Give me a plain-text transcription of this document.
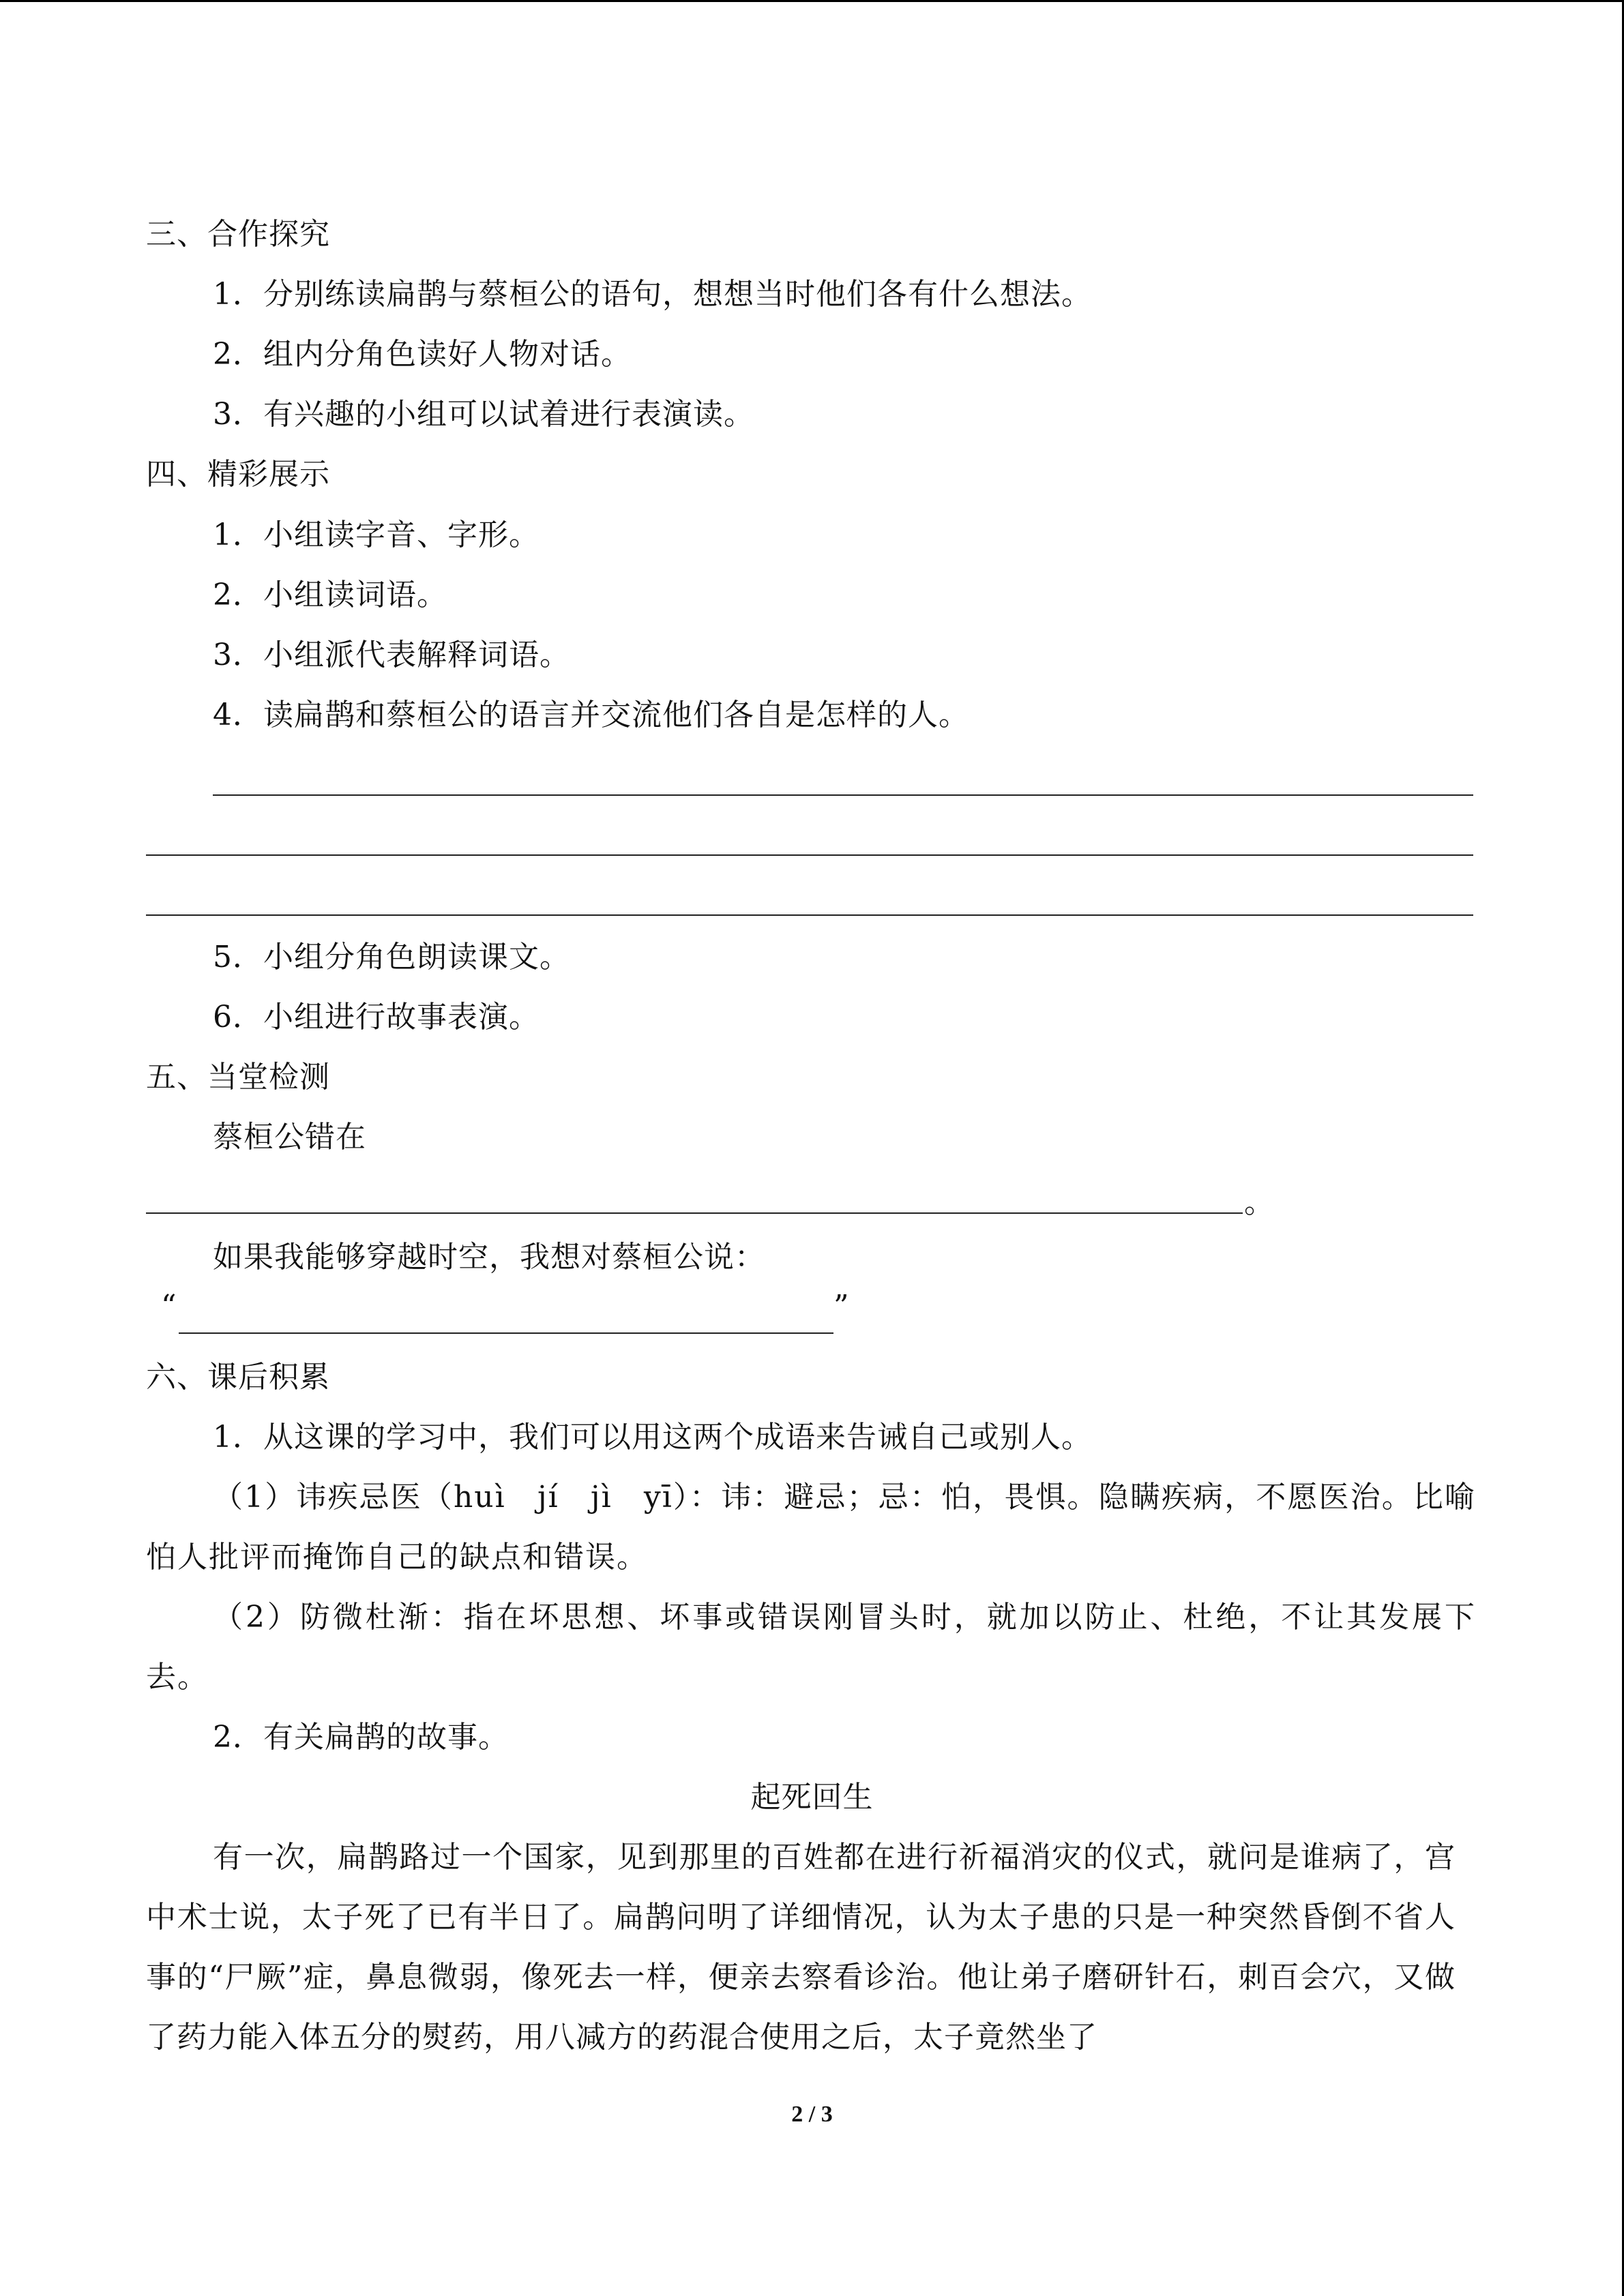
三、合作探究
1．分别练读扁鹊与蔡桓公的语句，想想当时他们各有什么想法。
2．组内分角色读好人物对话。
3．有兴趣的小组可以试着进行表演读。
四、精彩展示
1．小组读字音、字形。
2．小组读词语。
3．小组派代表解释词语。
4．读扁鹊和蔡桓公的语言并交流他们各自是怎样的人。
5．小组分角色朗读课文。
6．小组进行故事表演。
五、当堂检测
蔡桓公错在
。
如果我能够穿越时空，我想对蔡桓公说：
“	”
六、课后积累
1．从这课的学习中，我们可以用这两个成语来告诫自己或别人。
（1）讳疾忌医（huì　jí　jì　yī）：讳：避忌；忌：怕，畏惧。隐瞒疾病，不愿医治。比喻怕人批评而掩饰自己的缺点和错误。
（2）防微杜渐：指在坏思想、坏事或错误刚冒头时，就加以防止、杜绝，不让其发展下去。
2．有关扁鹊的故事。
起死回生
有一次，扁鹊路过一个国家，见到那里的百姓都在进行祈福消灾的仪式，就问是谁病了，宫中术士说，太子死了已有半日了。扁鹊问明了详细情况，认为太子患的只是一种突然昏倒不省人事的“尸厥”症，鼻息微弱，像死去一样，便亲去察看诊治。他让弟子磨研针石，刺百会穴，又做了药力能入体五分的熨药，用八减方的药混合使用之后，太子竟然坐了
2 / 3
